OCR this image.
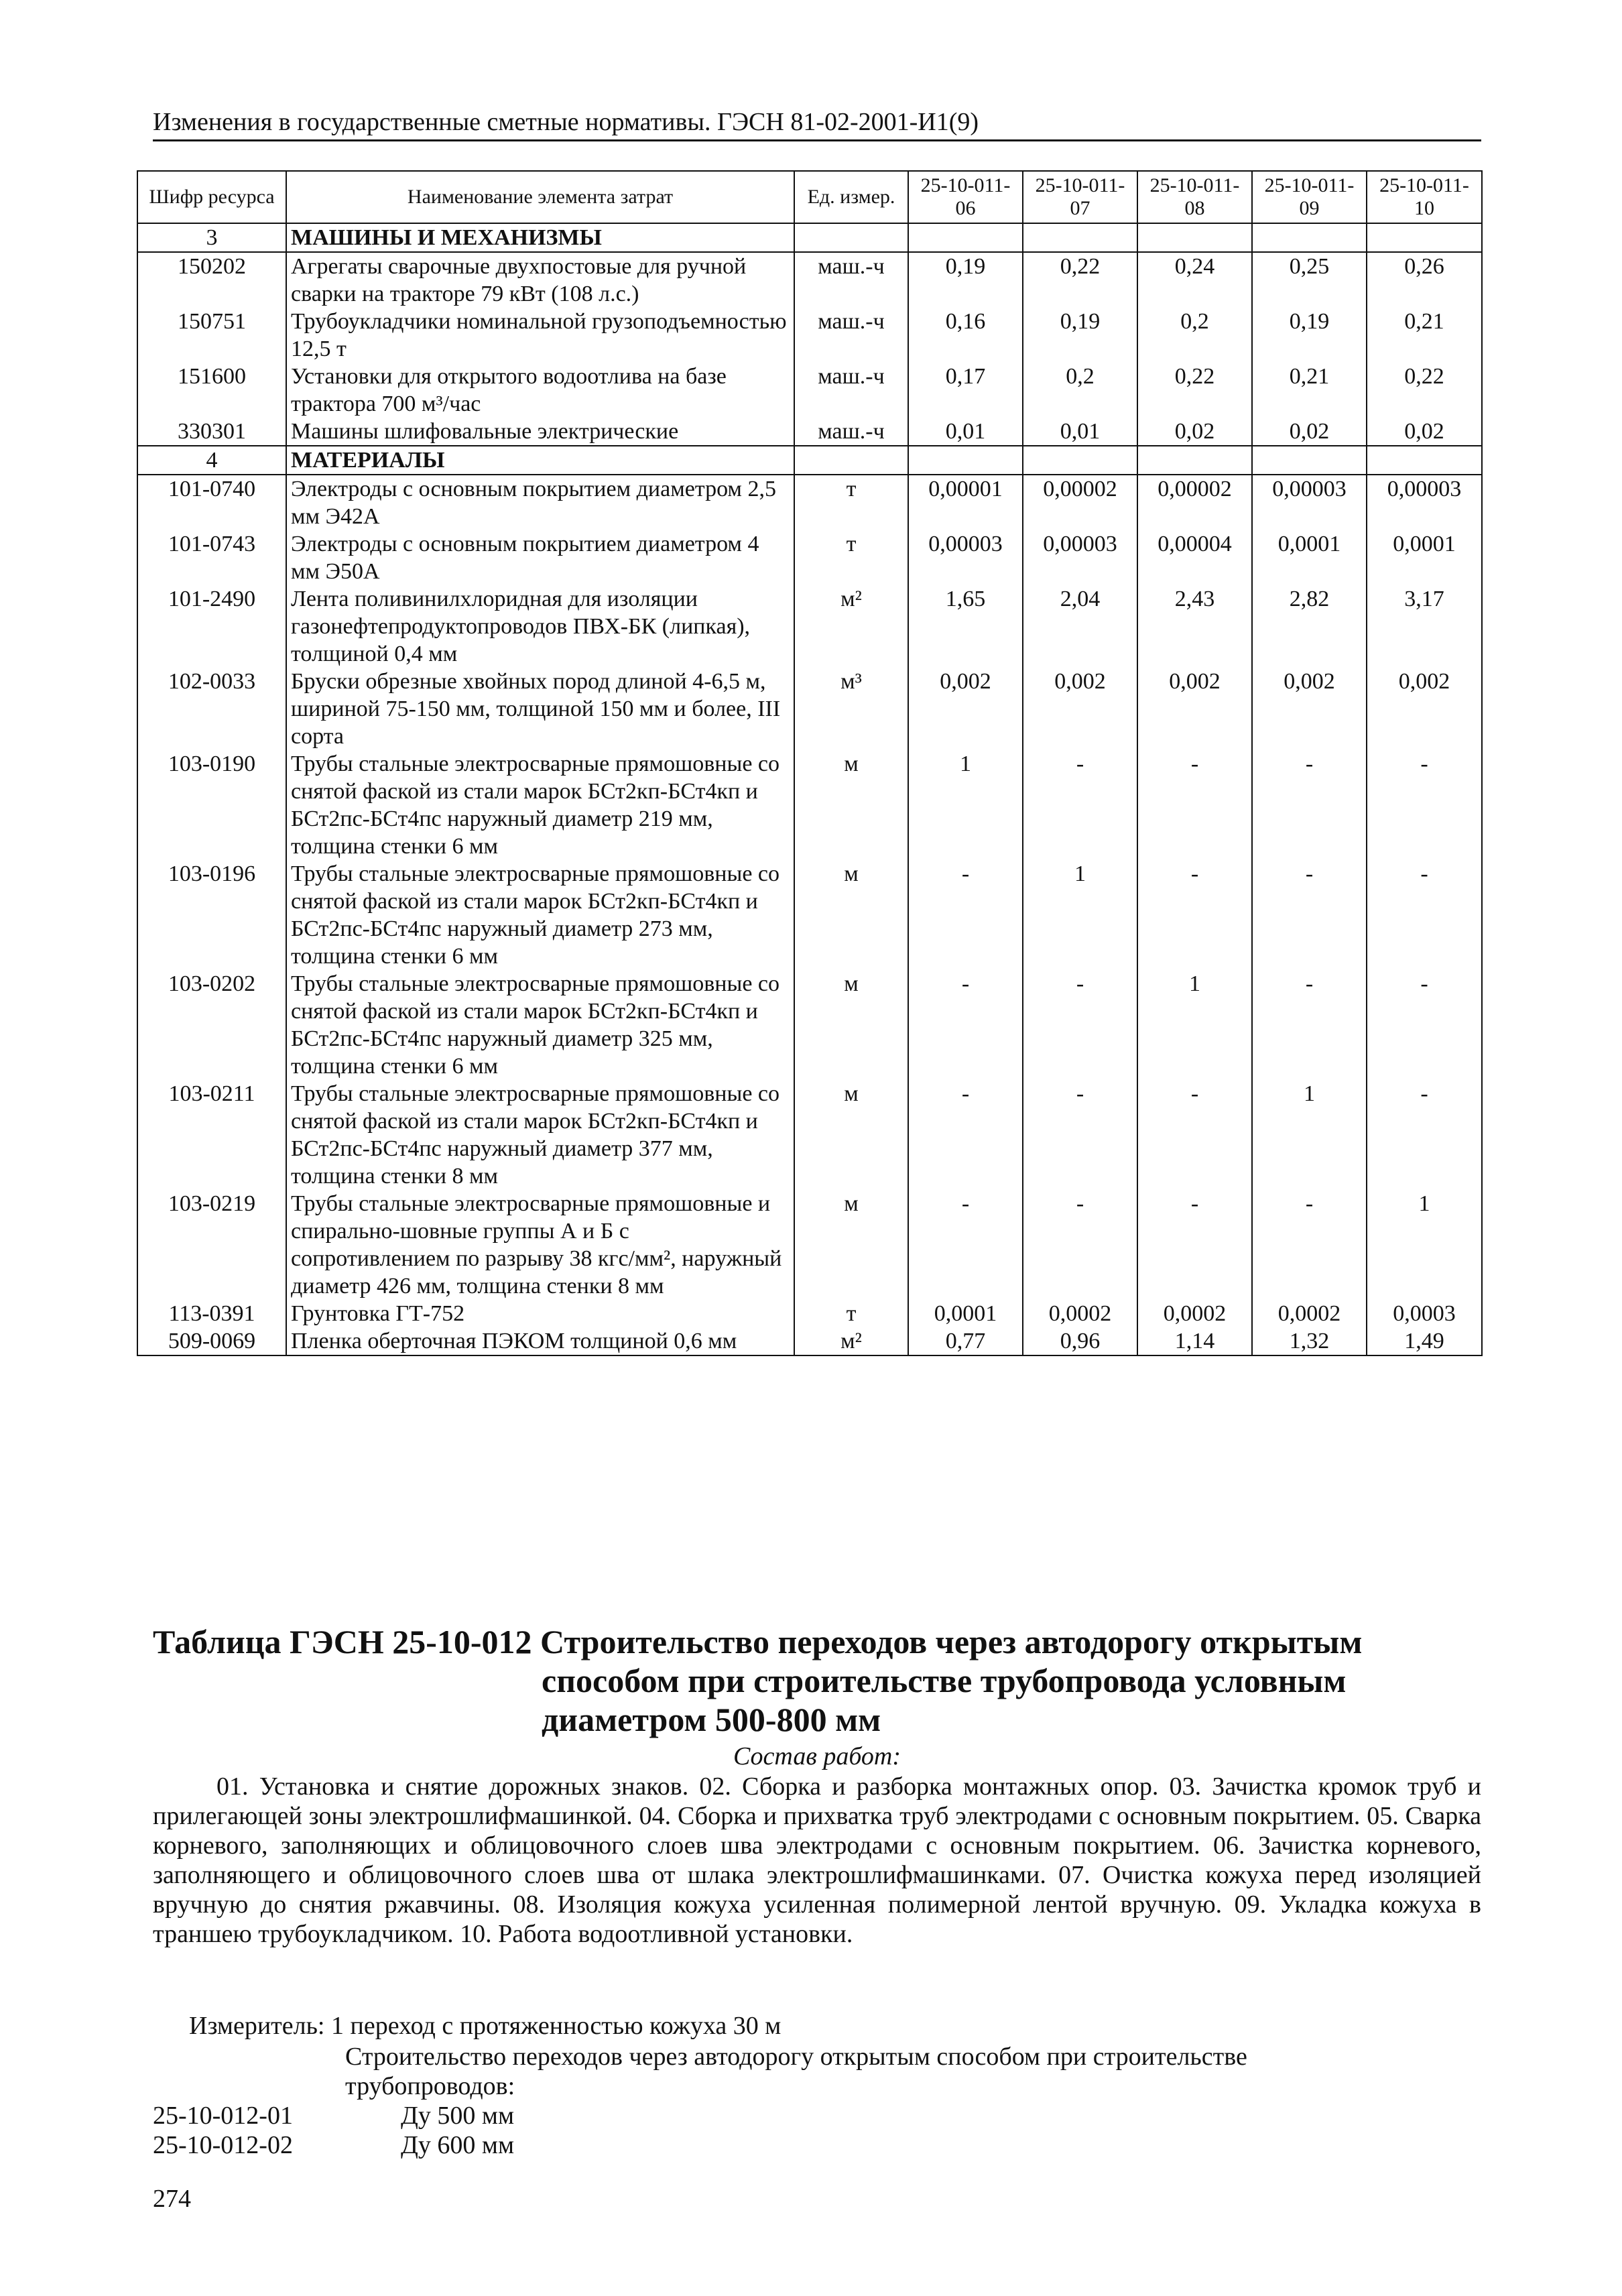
Изменения в государственные сметные нормативы. ГЭСН 81-02-2001-И1(9)
Шифр ресурса	Наименование элемента затрат	Ед. измер.	25-10-011-06	25-10-011-07	25-10-011-08	25-10-011-09	25-10-011-10
3	МАШИНЫ И МЕХАНИЗМЫ						
150202	Агрегаты сварочные двухпостовые для ручной сварки на тракторе 79 кВт (108 л.с.)	маш.-ч	0,19	0,22	0,24	0,25	0,26
150751	Трубоукладчики номинальной грузоподъемностью 12,5 т	маш.-ч	0,16	0,19	0,2	0,19	0,21
151600	Установки для открытого водоотлива на базе трактора 700 м³/час	маш.-ч	0,17	0,2	0,22	0,21	0,22
330301	Машины шлифовальные электрические	маш.-ч	0,01	0,01	0,02	0,02	0,02
4	МАТЕРИАЛЫ						
101-0740	Электроды с основным покрытием диаметром 2,5 мм Э42А	т	0,00001	0,00002	0,00002	0,00003	0,00003
101-0743	Электроды с основным покрытием диаметром 4 мм Э50А	т	0,00003	0,00003	0,00004	0,0001	0,0001
101-2490	Лента поливинилхлоридная для изоляции газонефтепродуктопроводов ПВХ-БК (липкая), толщиной 0,4 мм	м²	1,65	2,04	2,43	2,82	3,17
102-0033	Бруски обрезные хвойных пород длиной 4-6,5 м, шириной 75-150 мм, толщиной 150 мм и более, III сорта	м³	0,002	0,002	0,002	0,002	0,002
103-0190	Трубы стальные электросварные прямошовные со снятой фаской из стали марок БСт2кп-БСт4кп и БСт2пс-БСт4пс наружный диаметр 219 мм, толщина стенки 6 мм	м	1	-	-	-	-
103-0196	Трубы стальные электросварные прямошовные со снятой фаской из стали марок БСт2кп-БСт4кп и БСт2пс-БСт4пс наружный диаметр 273 мм, толщина стенки 6 мм	м	-	1	-	-	-
103-0202	Трубы стальные электросварные прямошовные со снятой фаской из стали марок БСт2кп-БСт4кп и БСт2пс-БСт4пс наружный диаметр 325 мм, толщина стенки 6 мм	м	-	-	1	-	-
103-0211	Трубы стальные электросварные прямошовные со снятой фаской из стали марок БСт2кп-БСт4кп и БСт2пс-БСт4пс наружный диаметр 377 мм, толщина стенки 8 мм	м	-	-	-	1	-
103-0219	Трубы стальные электросварные прямошовные и спирально-шовные группы А и Б с сопротивлением по разрыву 38 кгс/мм², наружный диаметр 426 мм, толщина стенки 8 мм	м	-	-	-	-	1
113-0391	Грунтовка ГТ-752	т	0,0001	0,0002	0,0002	0,0002	0,0003
509-0069	Пленка оберточная ПЭКОМ толщиной 0,6 мм	м²	0,77	0,96	1,14	1,32	1,49
Таблица ГЭСН 25-10-012 Строительство переходов через автодорогу открытым
способом при строительстве трубопровода условным
диаметром 500-800 мм
Состав работ:
01. Установка и снятие дорожных знаков. 02. Сборка и разборка монтажных опор. 03. Зачистка кромок труб и прилегающей зоны электрошлифмашинкой. 04. Сборка и прихватка труб электродами с основным покрытием. 05. Сварка корневого, заполняющих и облицовочного слоев шва электродами с основным покрытием. 06. Зачистка корневого, заполняющего и облицовочного слоев шва от шлака электрошлифмашинками. 07. Очистка кожуха перед изоляцией вручную до снятия ржавчины. 08. Изоляция кожуха усиленная полимерной лентой вручную. 09. Укладка кожуха в траншею трубоукладчиком. 10. Работа водоотливной установки.
Измеритель: 1 переход с протяженностью кожуха 30 м
Строительство переходов через автодорогу открытым способом при строительстве трубопроводов:
25-10-012-01	Ду 500 мм
25-10-012-02	Ду 600 мм
274
